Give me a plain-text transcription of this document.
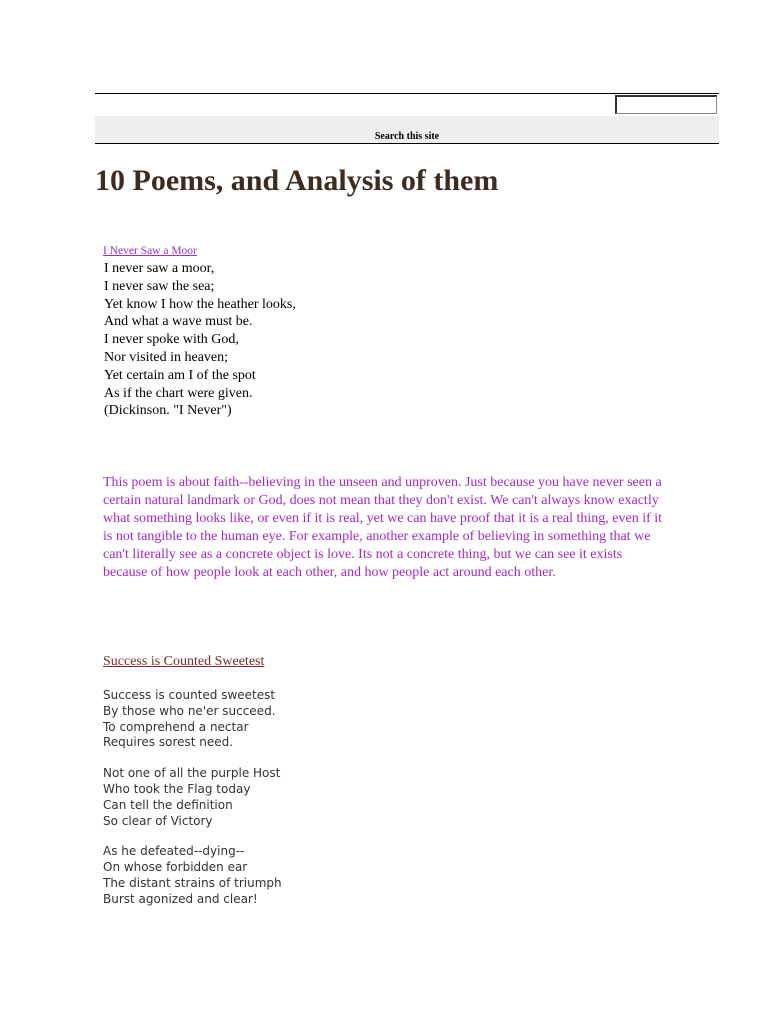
Search this site
10 Poems, and Analysis of them
I Never Saw a Moor
I never saw a moor,
I never saw the sea;
Yet know I how the heather looks,
And what a wave must be.
I never spoke with God,
Nor visited in heaven;
Yet certain am I of the spot
As if the chart were given.
(Dickinson. "I Never")

This poem is about faith--believing in the unseen and unproven. Just because you have never seen a certain natural landmark or God, does not mean that they don't exist. We can't always know exactly what something looks like, or even if it is real, yet we can have proof that it is a real thing, even if it is not tangible to the human eye. For example, another example of believing in something that we can't literally see as a concrete object is love. Its not a concrete thing, but we can see it exists because of how people look at each other, and how people act around each other.

Success is Counted Sweetest
Success is counted sweetest
By those who ne'er succeed.
To comprehend a nectar
Requires sorest need.
Not one of all the purple Host
Who took the Flag today
Can tell the definition
So clear of Victory
As he defeated--dying--
On whose forbidden ear
The distant strains of triumph
Burst agonized and clear!
